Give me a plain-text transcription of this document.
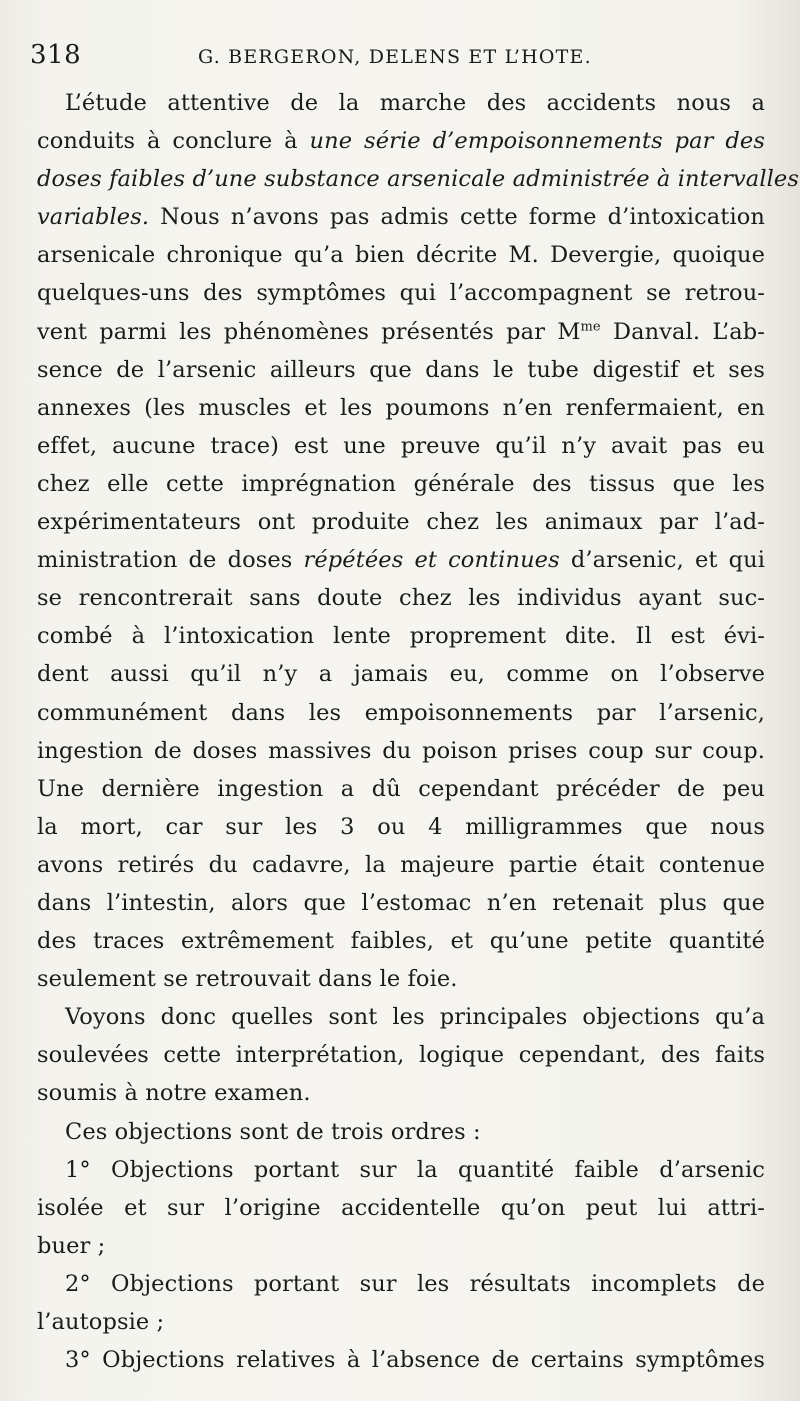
318	G. BERGERON, DELENS ET L’HOTE.

L’étude attentive de la marche des accidents nous a
conduits à conclure à une série d’empoisonnements par des
doses faibles d’une substance arsenicale administrée à intervalles
variables. Nous n’avons pas admis cette forme d’intoxication
arsenicale chronique qu’a bien décrite M. Devergie, quoique
quelques-uns des symptômes qui l’accompagnent se retrou-
vent parmi les phénomènes présentés par $M^{me}$ Danval. L’ab-
sence de l’arsenic ailleurs que dans le tube digestif et ses
annexes (les muscles et les poumons n’en renfermaient, en
effet, aucune trace) est une preuve qu’il n’y avait pas eu
chez elle cette imprégnation générale des tissus que les
expérimentateurs ont produite chez les animaux par l’ad-
ministration de doses répétées et continues d’arsenic, et qui
se rencontrerait sans doute chez les individus ayant suc-
combé à l’intoxication lente proprement dite. Il est évi-
dent aussi qu’il n’y a jamais eu, comme on l’observe
communément dans les empoisonnements par l’arsenic,
ingestion de doses massives du poison prises coup sur coup.
Une dernière ingestion a dû cependant précéder de peu
la mort, car sur les 3 ou 4 milligrammes que nous
avons retirés du cadavre, la majeure partie était contenue
dans l’intestin, alors que l’estomac n’en retenait plus que
des traces extrêmement faibles, et qu’une petite quantité
seulement se retrouvait dans le foie.

Voyons donc quelles sont les principales objections qu’a
soulevées cette interprétation, logique cependant, des faits
soumis à notre examen.

Ces objections sont de trois ordres :

1° Objections portant sur la quantité faible d’arsenic
isolée et sur l’origine accidentelle qu’on peut lui attri-
buer ;

2° Objections portant sur les résultats incomplets de
l’autopsie ;

3° Objections relatives à l’absence de certains symptômes
